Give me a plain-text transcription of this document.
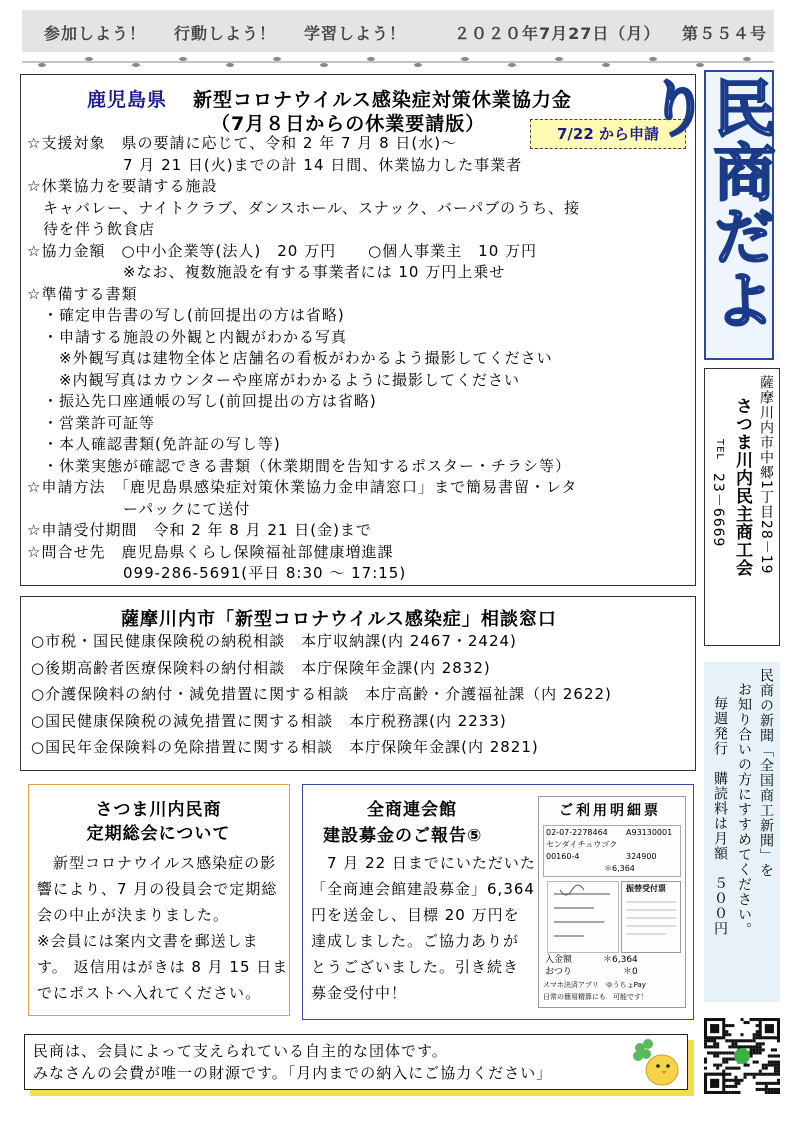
参加しよう！ 行動しよう！ 学習しよう！	２０２０年7月27日（月） 第５５４号
鹿児島県 新型コロナウイルス感染症対策休業協力金
（7月８日からの休業要請版）
☆支援対象　県の要請に応じて、令和 2 年 7 月 8 日(水)～
　　　　　　7 月 21 日(火)までの計 14 日間、休業協力した事業者
☆休業協力を要請する施設
　キャバレー、ナイトクラブ、ダンスホール、スナック、バーパブのうち、接
　待を伴う飲食店
☆協力金額　○中小企業等(法人)　20 万円　　○個人事業主　10 万円
　　　　　　※なお、複数施設を有する事業者には 10 万円上乗せ
☆準備する書類
　・確定申告書の写し(前回提出の方は省略)
　・申請する施設の外観と内観がわかる写真
　　※外観写真は建物全体と店舗名の看板がわかるよう撮影してください
　　※内観写真はカウンターや座席がわかるように撮影してください
　・振込先口座通帳の写し(前回提出の方は省略)
　・営業許可証等
　・本人確認書類(免許証の写し等)
　・休業実態が確認できる書類（休業期間を告知するポスター・チラシ等）
☆申請方法　「鹿児島県感染症対策休業協力金申請窓口」まで簡易書留・レタ
　　　　　　ーパックにて送付
☆申請受付期間　令和 2 年 8 月 21 日(金)まで
☆問合せ先　鹿児島県くらし保険福祉部健康増進課
　　　　　　099-286-5691(平日 8:30 ～ 17:15)
7/22 から申請
薩摩川内市「新型コロナウイルス感染症」相談窓口
○市税・国民健康保険税の納税相談　本庁収納課(内 2467・2424)
○後期高齢者医療保険料の納付相談　本庁保険年金課(内 2832)
○介護保険料の納付・減免措置に関する相談　本庁高齢・介護福祉課（内 2622)
○国民健康保険税の減免措置に関する相談　本庁税務課(内 2233)
○国民年金保険料の免除措置に関する相談　本庁保険年金課(内 2821)
さつま川内民商
定期総会について
　新型コロナウイルス感染症の影
響により、7 月の役員会で定期総
会の中止が決まりました。
※会員には案内文書を郵送しま
す。 返信用はがきは 8 月 15 日ま
でにポストへ入れてください。
全商連会館
建設募金のご報告⑤
　7 月 22 日までにいただいた
「全商連会館建設募金」6,364
円を送金し、目標 20 万円を
達成しました。ご協力ありが
とうございました。引き続き
募金受付中！
ご利用明細票
02-07-2278464 A93130001
センダイチュウゴク
00160-4	324900
＊6,364
振替受付票
入金額	＊6,364
おつり	＊0
スマホ決済アプリ　ゆうちょPay
日常の簡易精算にも　可能です！
民商だより
薩摩川内市中郷1丁目28－19
さつま川内民主商工会
TEL
23－6669
民商の新聞「全国商工新聞」を
お知り合いの方にすすめてください。
毎週発行　購読料は月額　５００円
民商は、会員によって支えられている自主的な団体です。
みなさんの会費が唯一の財源です。「月内までの納入にご協力ください」
